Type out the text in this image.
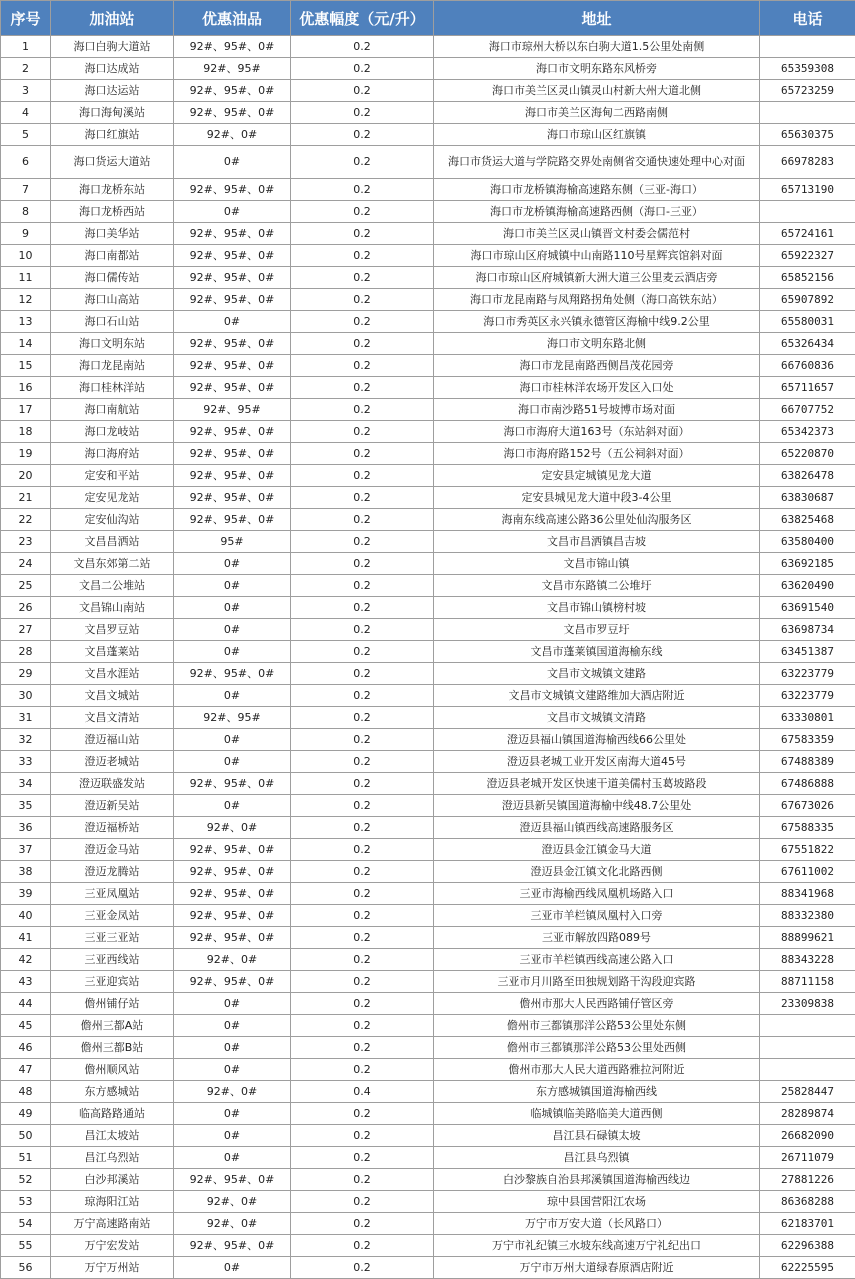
序号	加油站	优惠油品	优惠幅度（元/升）	地址	电话
1	海口白驹大道站	92#、95#、0#	0.2	海口市琼州大桥以东白驹大道1.5公里处南侧	
2	海口达成站	92#、95#	0.2	海口市文明东路东风桥旁	65359308
3	海口达运站	92#、95#、0#	0.2	海口市美兰区灵山镇灵山村新大州大道北侧	65723259
4	海口海甸溪站	92#、95#、0#	0.2	海口市美兰区海甸二西路南侧	
5	海口红旗站	92#、0#	0.2	海口市琼山区红旗镇	65630375
6	海口货运大道站	0#	0.2	海口市货运大道与学院路交界处南侧省交通快速处理中心对面	66978283
7	海口龙桥东站	92#、95#、0#	0.2	海口市龙桥镇海榆高速路东侧（三亚-海口）	65713190
8	海口龙桥西站	0#	0.2	海口市龙桥镇海榆高速路西侧（海口-三亚）	
9	海口美华站	92#、95#、0#	0.2	海口市美兰区灵山镇晋文村委会儒范村	65724161
10	海口南都站	92#、95#、0#	0.2	海口市琼山区府城镇中山南路110号星辉宾馆斜对面	65922327
11	海口儒传站	92#、95#、0#	0.2	海口市琼山区府城镇新大洲大道三公里麦云酒店旁	65852156
12	海口山高站	92#、95#、0#	0.2	海口市龙昆南路与凤翔路拐角处侧（海口高铁东站）	65907892
13	海口石山站	0#	0.2	海口市秀英区永兴镇永德管区海榆中线9.2公里	65580031
14	海口文明东站	92#、95#、0#	0.2	海口市文明东路北侧	65326434
15	海口龙昆南站	92#、95#、0#	0.2	海口市龙昆南路西侧昌茂花园旁	66760836
16	海口桂林洋站	92#、95#、0#	0.2	海口市桂林洋农场开发区入口处	65711657
17	海口南航站	92#、95#	0.2	海口市南沙路51号坡博市场对面	66707752
18	海口龙岐站	92#、95#、0#	0.2	海口市海府大道163号（东站斜对面）	65342373
19	海口海府站	92#、95#、0#	0.2	海口市海府路152号（五公祠斜对面）	65220870
20	定安和平站	92#、95#、0#	0.2	定安县定城镇见龙大道	63826478
21	定安见龙站	92#、95#、0#	0.2	定安县城见龙大道中段3-4公里	63830687
22	定安仙沟站	92#、95#、0#	0.2	海南东线高速公路36公里处仙沟服务区	63825468
23	文昌昌洒站	95#	0.2	文昌市昌洒镇昌吉坡	63580400
24	文昌东郊第二站	0#	0.2	文昌市锦山镇	63692185
25	文昌二公堆站	0#	0.2	文昌市东路镇二公堆圩	63620490
26	文昌锦山南站	0#	0.2	文昌市锦山镇榜村坡	63691540
27	文昌罗豆站	0#	0.2	文昌市罗豆圩	63698734
28	文昌蓬莱站	0#	0.2	文昌市蓬莱镇国道海榆东线	63451387
29	文昌水涯站	92#、95#、0#	0.2	文昌市文城镇文建路	63223779
30	文昌文城站	0#	0.2	文昌市文城镇文建路维加大酒店附近	63223779
31	文昌文清站	92#、95#	0.2	文昌市文城镇文清路	63330801
32	澄迈福山站	0#	0.2	澄迈县福山镇国道海榆西线66公里处	67583359
33	澄迈老城站	0#	0.2	澄迈县老城工业开发区南海大道45号	67488389
34	澄迈联盛发站	92#、95#、0#	0.2	澄迈县老城开发区快速干道美儒村玉葛坡路段	67486888
35	澄迈新吴站	0#	0.2	澄迈县新吴镇国道海榆中线48.7公里处	67673026
36	澄迈福桥站	92#、0#	0.2	澄迈县福山镇西线高速路服务区	67588335
37	澄迈金马站	92#、95#、0#	0.2	澄迈县金江镇金马大道	67551822
38	澄迈龙腾站	92#、95#、0#	0.2	澄迈县金江镇文化北路西侧	67611002
39	三亚凤凰站	92#、95#、0#	0.2	三亚市海榆西线凤凰机场路入口	88341968
40	三亚金凤站	92#、95#、0#	0.2	三亚市羊栏镇凤凰村入口旁	88332380
41	三亚三亚站	92#、95#、0#	0.2	三亚市解放四路089号	88899621
42	三亚西线站	92#、0#	0.2	三亚市羊栏镇西线高速公路入口	88343228
43	三亚迎宾站	92#、95#、0#	0.2	三亚市月川路至田独规划路干沟段迎宾路	88711158
44	儋州铺仔站	0#	0.2	儋州市那大人民西路铺仔管区旁	23309838
45	儋州三都A站	0#	0.2	儋州市三都镇那洋公路53公里处东侧	
46	儋州三都B站	0#	0.2	儋州市三都镇那洋公路53公里处西侧	
47	儋州顺风站	0#	0.2	儋州市那大人民大道西路雅拉河附近	
48	东方感城站	92#、0#	0.4	东方感城镇国道海榆西线	25828447
49	临高路路通站	0#	0.2	临城镇临美路临美大道西侧	28289874
50	昌江太坡站	0#	0.2	昌江县石碌镇太坡	26682090
51	昌江乌烈站	0#	0.2	昌江县乌烈镇	26711079
52	白沙邦溪站	92#、95#、0#	0.2	白沙黎族自治县邦溪镇国道海榆西线边	27881226
53	琼海阳江站	92#、0#	0.2	琼中县国营阳江农场	86368288
54	万宁高速路南站	92#、0#	0.2	万宁市万安大道（长风路口）	62183701
55	万宁宏发站	92#、95#、0#	0.2	万宁市礼纪镇三水坡东线高速万宁礼纪出口	62296388
56	万宁万州站	0#	0.2	万宁市万州大道绿春原酒店附近	62225595
